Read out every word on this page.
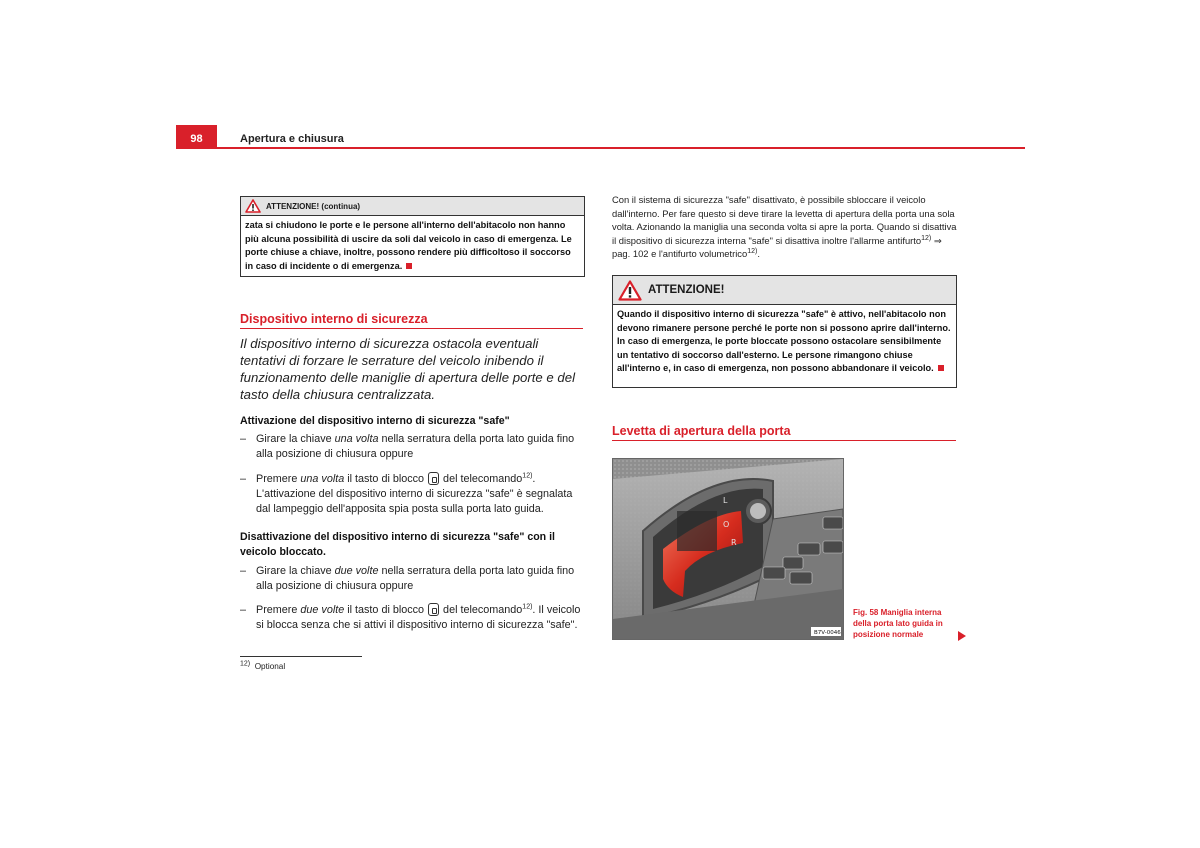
98	Apertura e chiusura
ATTENZIONE! (continua)
zata si chiudono le porte e le persone all'interno dell'abitacolo non hanno più alcuna possibilità di uscire da soli dal veicolo in caso di emergenza. Le porte chiuse a chiave, inoltre, possono rendere più difficoltoso il soccorso in caso di incidente o di emergenza.
Dispositivo interno di sicurezza
Il dispositivo interno di sicurezza ostacola eventuali tentativi di forzare le serrature del veicolo inibendo il funzionamento delle maniglie di apertura delle porte e del tasto della chiusura centralizzata.
Attivazione del dispositivo interno di sicurezza "safe"
– Girare la chiave una volta nella serratura della porta lato guida fino alla posizione di chiusura oppure
– Premere una volta il tasto di blocco  del telecomando$^{12)}$. L'attivazione del dispositivo interno di sicurezza "safe" è segnalata dal lampeggio dell'apposita spia posta sulla porta lato guida.
Disattivazione del dispositivo interno di sicurezza "safe" con il veicolo bloccato.
– Girare la chiave due volte nella serratura della porta lato guida fino alla posizione di chiusura oppure
– Premere due volte il tasto di blocco  del telecomando$^{12)}$. Il veicolo si blocca senza che si attivi il dispositivo interno di sicurezza "safe".
$^{12)}$ Optional
Con il sistema di sicurezza "safe" disattivato, è possibile sbloccare il veicolo dall'interno. Per fare questo si deve tirare la levetta di apertura della porta una sola volta. Azionando la maniglia una seconda volta si apre la porta. Quando si disattiva il dispositivo di sicurezza interna "safe" si disattiva inoltre l'allarme antifurto$^{12)}$ ⇒ pag. 102 e l'antifurto volumetrico$^{12)}$.
ATTENZIONE!
Quando il dispositivo interno di sicurezza "safe" è attivo, nell'abitacolo non devono rimanere persone perché le porte non si possono aprire dall'interno. In caso di emergenza, le porte bloccate possono ostacolare sensibilmente un tentativo di soccorso dall'esterno. Le persone rimangono chiuse all'interno e, in caso di emergenza, non possono abbandonare il veicolo.
Levetta di apertura della porta
L
O
R
B7V-0046
Fig. 58 Maniglia interna della porta lato guida in posizione normale
